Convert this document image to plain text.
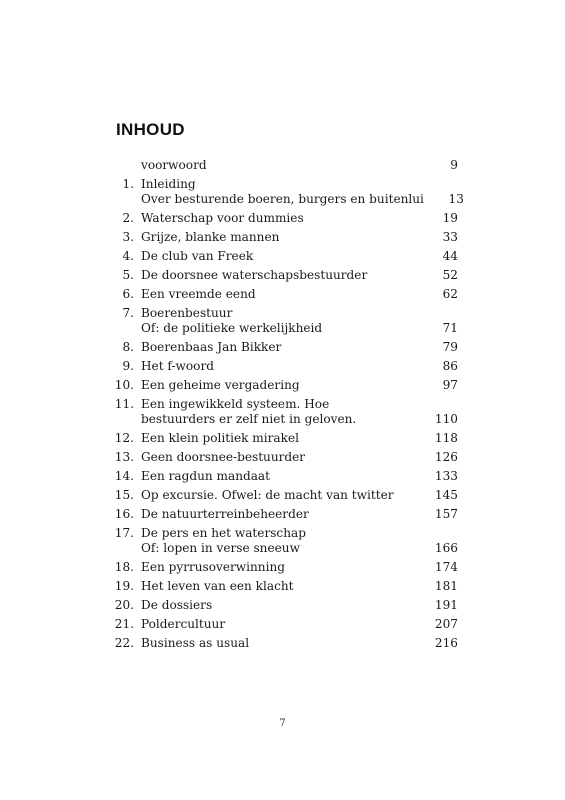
INHOUD
voorwoord	9
1. Inleiding
Over besturende boeren, burgers en buitenlui	13
2. Waterschap voor dummies	19
3. Grijze, blanke mannen	33
4. De club van Freek	44
5. De doorsnee waterschapsbestuurder	52
6. Een vreemde eend	62
7. Boerenbestuur
Of: de politieke werkelijkheid	71
8. Boerenbaas Jan Bikker	79
9. Het f-woord	86
10. Een geheime vergadering	97
11. Een ingewikkeld systeem. Hoe
bestuurders er zelf niet in geloven.	110
12. Een klein politiek mirakel	118
13. Geen doorsnee-bestuurder	126
14. Een ragdun mandaat	133
15. Op excursie. Ofwel: de macht van twitter	145
16. De natuurterreinbeheerder	157
17. De pers en het waterschap
Of: lopen in verse sneeuw	166
18. Een pyrrusoverwinning	174
19. Het leven van een klacht	181
20. De dossiers	191
21. Poldercultuur	207
22. Business as usual	216
7
